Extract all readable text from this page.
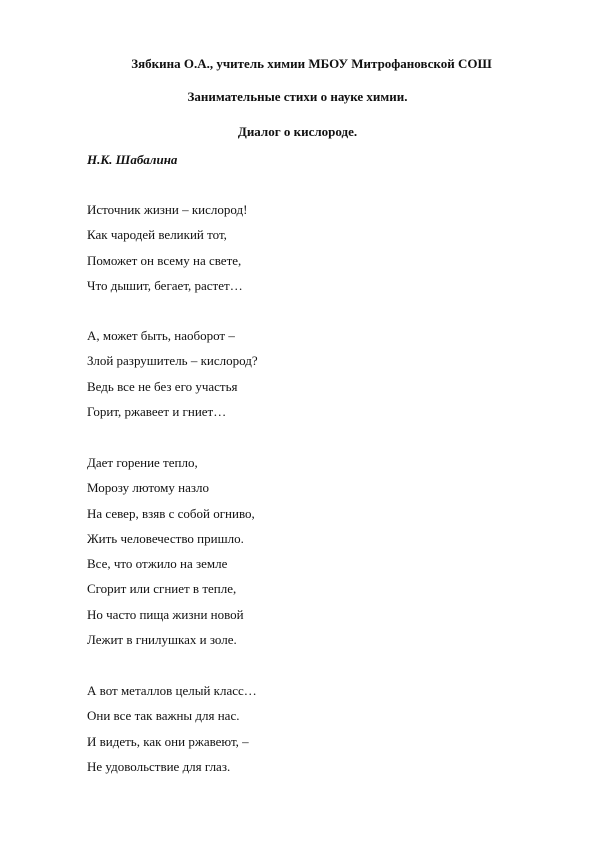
Зябкина О.А., учитель химии МБОУ Митрофановской СОШ
Занимательные стихи о науке химии.
Диалог о кислороде.
Н.К. Шабалина
Источник жизни – кислород!
Как чародей великий тот,
Поможет он всему на свете,
Что дышит, бегает, растет…
А, может быть, наоборот –
Злой разрушитель – кислород?
Ведь все не без его участья
Горит, ржавеет и гниет…
Дает горение тепло,
Морозу лютому назло
На север, взяв с собой огниво,
Жить человечество пришло.
Все, что отжило на земле
Сгорит или сгниет в тепле,
Но часто пища жизни новой
Лежит в гнилушках и золе.
А вот металлов целый класс…
Они все так важны для нас.
И видеть, как они ржавеют, –
Не удовольствие для глаз.
